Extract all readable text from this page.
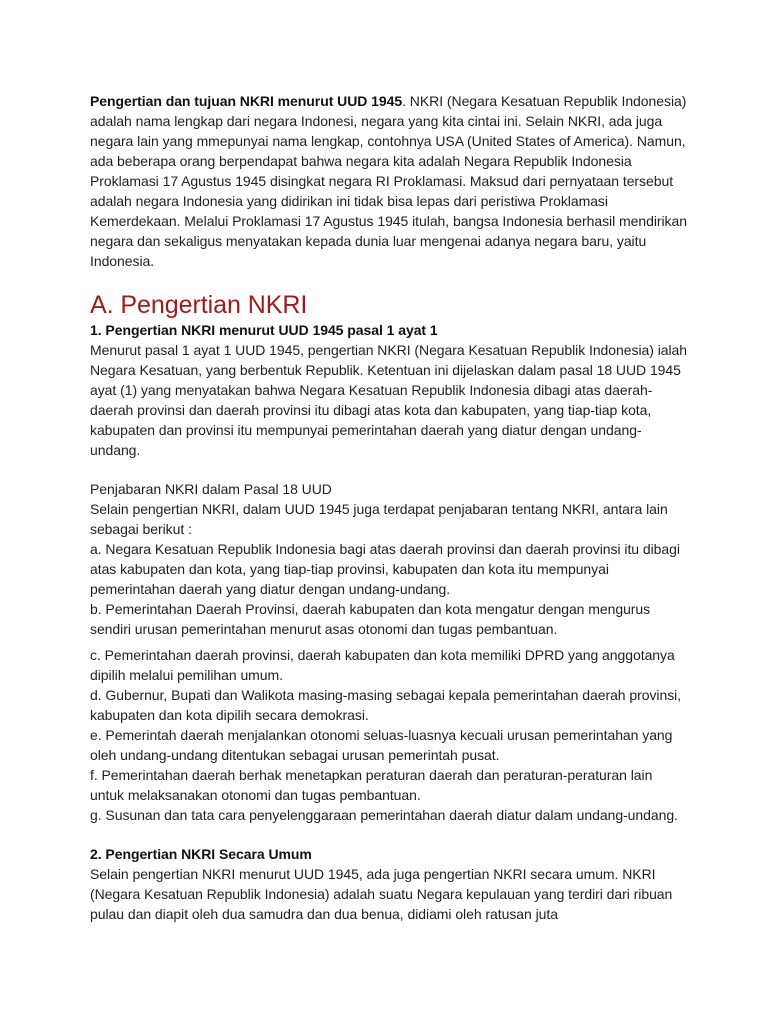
Pengertian dan tujuan NKRI menurut UUD 1945. NKRI (Negara Kesatuan Republik Indonesia) adalah nama lengkap dari negara Indonesi, negara yang kita cintai ini. Selain NKRI, ada juga negara lain yang mmepunyai nama lengkap, contohnya USA (United States of America). Namun, ada beberapa orang berpendapat bahwa negara kita adalah Negara Republik Indonesia Proklamasi 17 Agustus 1945 disingkat negara RI Proklamasi. Maksud dari pernyataan tersebut adalah negara Indonesia yang didirikan ini tidak bisa lepas dari peristiwa Proklamasi Kemerdekaan. Melalui Proklamasi 17 Agustus 1945 itulah, bangsa Indonesia berhasil mendirikan negara dan sekaligus menyatakan kepada dunia luar mengenai adanya negara baru, yaitu Indonesia.

A. Pengertian NKRI

1. Pengertian NKRI menurut UUD 1945 pasal 1 ayat 1

Menurut pasal 1 ayat 1 UUD 1945, pengertian NKRI (Negara Kesatuan Republik Indonesia) ialah Negara Kesatuan, yang berbentuk Republik. Ketentuan ini dijelaskan dalam pasal 18 UUD 1945 ayat (1) yang menyatakan bahwa Negara Kesatuan Republik Indonesia dibagi atas daerah-daerah provinsi dan daerah provinsi itu dibagi atas kota dan kabupaten, yang tiap-tiap kota, kabupaten dan provinsi itu mempunyai pemerintahan daerah yang diatur dengan undang-undang.

Penjabaran NKRI dalam Pasal 18 UUD

Selain pengertian NKRI, dalam UUD 1945 juga terdapat penjabaran tentang NKRI, antara lain sebagai berikut :

a. Negara Kesatuan Republik Indonesia bagi atas daerah provinsi dan daerah provinsi itu dibagi atas kabupaten dan kota, yang tiap-tiap provinsi, kabupaten dan kota itu mempunyai pemerintahan daerah yang diatur dengan undang-undang.

b. Pemerintahan Daerah Provinsi, daerah kabupaten dan kota mengatur dengan mengurus sendiri urusan pemerintahan menurut asas otonomi dan tugas pembantuan.

c. Pemerintahan daerah provinsi, daerah kabupaten dan kota memiliki DPRD yang anggotanya dipilih melalui pemilihan umum.

d. Gubernur, Bupati dan Walikota masing-masing sebagai kepala pemerintahan daerah provinsi, kabupaten dan kota dipilih secara demokrasi.

e. Pemerintah daerah menjalankan otonomi seluas-luasnya kecuali urusan pemerintahan yang oleh undang-undang ditentukan sebagai urusan pemerintah pusat.

f. Pemerintahan daerah berhak menetapkan peraturan daerah dan peraturan-peraturan lain untuk melaksanakan otonomi dan tugas pembantuan.

g. Susunan dan tata cara penyelenggaraan pemerintahan daerah diatur dalam undang-undang.

2. Pengertian NKRI Secara Umum

Selain pengertian NKRI menurut UUD 1945, ada juga pengertian NKRI secara umum. NKRI (Negara Kesatuan Republik Indonesia) adalah suatu Negara kepulauan yang terdiri dari ribuan pulau dan diapit oleh dua samudra dan dua benua, didiami oleh ratusan juta
